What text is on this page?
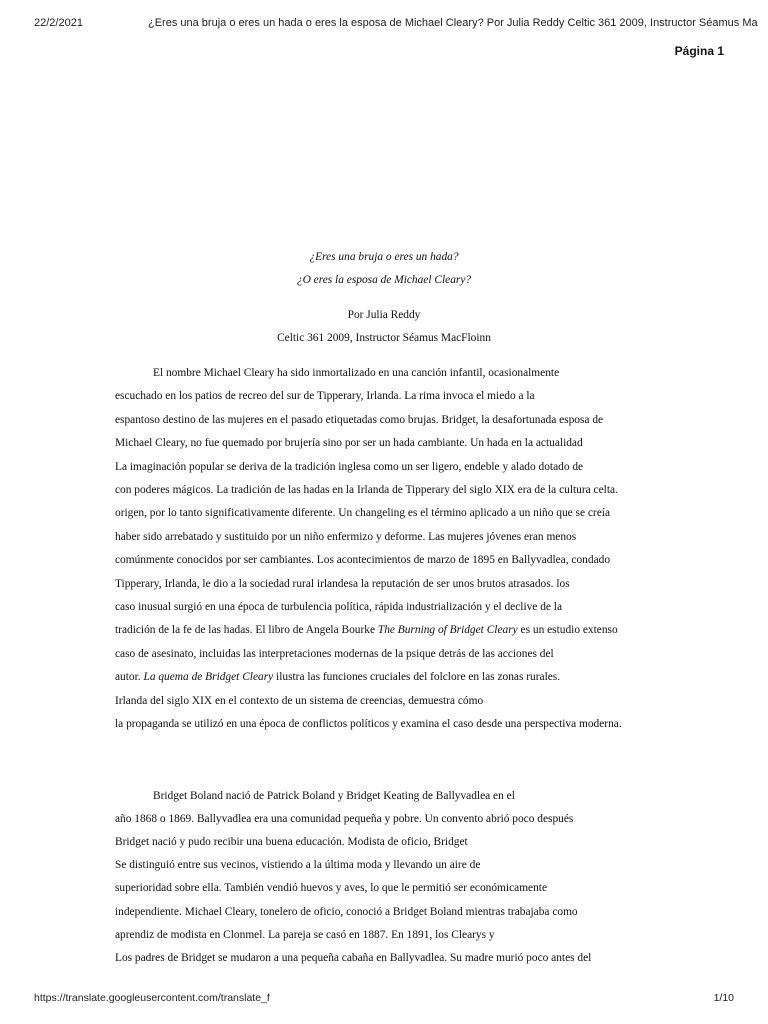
22/2/2021	¿Eres una bruja o eres un hada o eres la esposa de Michael Cleary? Por Julia Reddy Celtic 361 2009, Instructor Séamus Ma
Página 1
¿Eres una bruja o eres un hada?
¿O eres la esposa de Michael Cleary?
Por Julia Reddy
Celtic 361 2009, Instructor Séamus MacFloinn
El nombre Michael Cleary ha sido inmortalizado en una canción infantil, ocasionalmente
escuchado en los patios de recreo del sur de Tipperary, Irlanda. La rima invoca el miedo a la
espantoso destino de las mujeres en el pasado etiquetadas como brujas. Bridget, la desafortunada esposa de
Michael Cleary, no fue quemado por brujería sino por ser un hada cambiante. Un hada en la actualidad
La imaginación popular se deriva de la tradición inglesa como un ser ligero, endeble y alado dotado de
con poderes mágicos. La tradición de las hadas en la Irlanda de Tipperary del siglo XIX era de la cultura celta.
origen, por lo tanto significativamente diferente. Un changeling es el término aplicado a un niño que se creía
haber sido arrebatado y sustituido por un niño enfermizo y deforme. Las mujeres jóvenes eran menos
comúnmente conocidos por ser cambiantes. Los acontecimientos de marzo de 1895 en Ballyvadlea, condado
Tipperary, Irlanda, le dio a la sociedad rural irlandesa la reputación de ser unos brutos atrasados. los
caso inusual surgió en una época de turbulencia política, rápida industrialización y el declive de la
tradición de la fe de las hadas. El libro de Angela Bourke The Burning of Bridget Cleary es un estudio extenso
caso de asesinato, incluidas las interpretaciones modernas de la psique detrás de las acciones del
autor. La quema de Bridget Cleary ilustra las funciones cruciales del folclore en las zonas rurales.
Irlanda del siglo XIX en el contexto de un sistema de creencias, demuestra cómo
la propaganda se utilizó en una época de conflictos políticos y examina el caso desde una perspectiva moderna.
Bridget Boland nació de Patrick Boland y Bridget Keating de Ballyvadlea en el
año 1868 o 1869. Ballyvadlea era una comunidad pequeña y pobre. Un convento abrió poco después
Bridget nació y pudo recibir una buena educación. Modista de oficio, Bridget
Se distinguió entre sus vecinos, vistiendo a la última moda y llevando un aire de
superioridad sobre ella. También vendió huevos y aves, lo que le permitió ser económicamente
independiente. Michael Cleary, tonelero de oficio, conoció a Bridget Boland mientras trabajaba como
aprendiz de modista en Clonmel. La pareja se casó en 1887. En 1891, los Clearys y
Los padres de Bridget se mudaron a una pequeña cabaña en Ballyvadlea. Su madre murió poco antes del
https://translate.googleusercontent.com/translate_f	1/10
